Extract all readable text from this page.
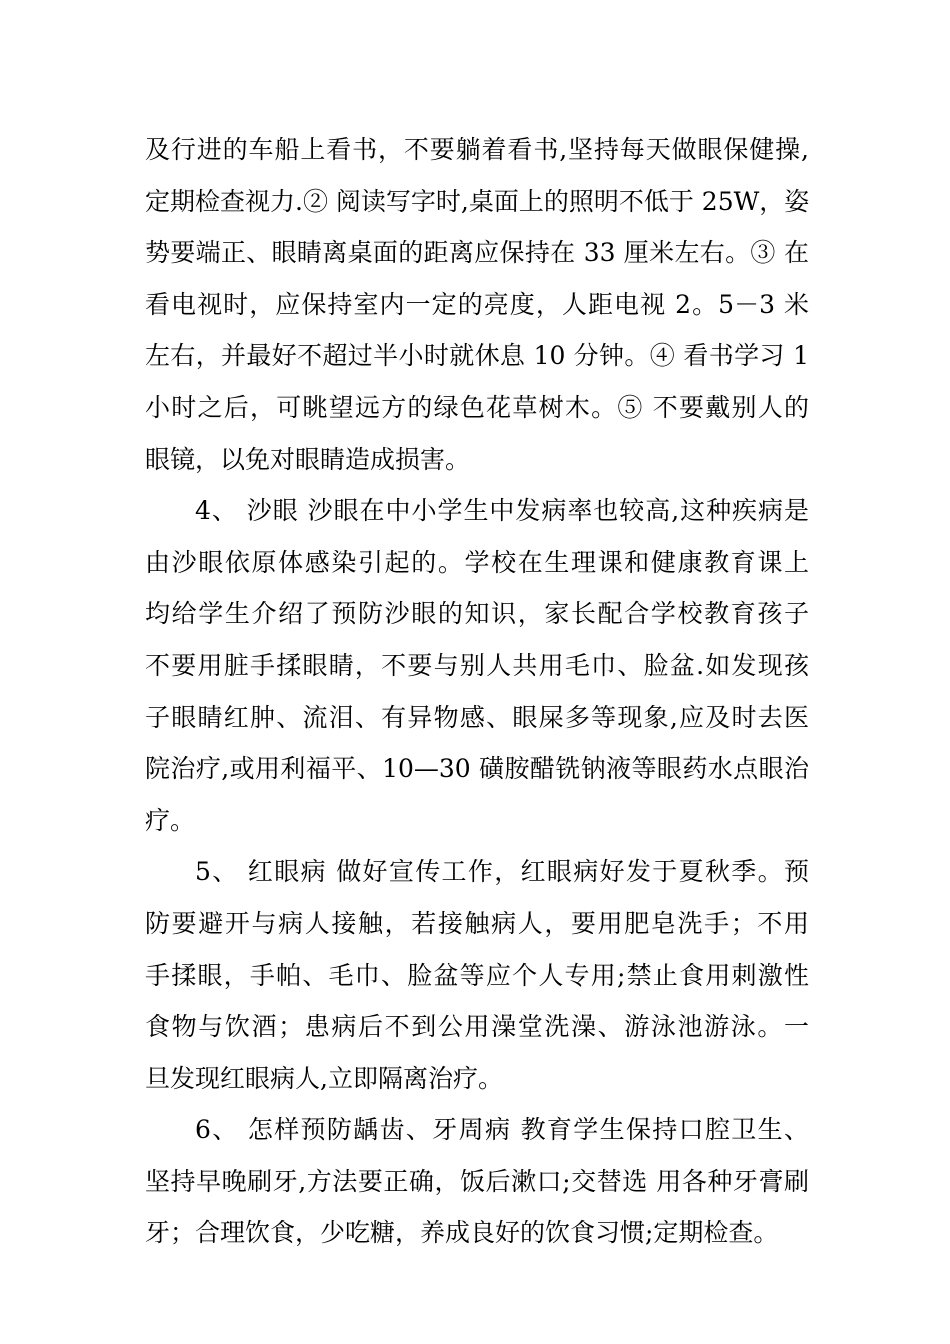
及行进的车船上看书，不要躺着看书,坚持每天做眼保健操,
定期检查视力.② 阅读写字时,桌面上的照明不低于 25W，姿
势要端正、眼睛离桌面的距离应保持在 33 厘米左右。③ 在
看电视时，应保持室内一定的亮度，人距电视 2。5－3 米
左右，并最好不超过半小时就休息 10 分钟。④ 看书学习 1
小时之后，可眺望远方的绿色花草树木。⑤ 不要戴别人的
眼镜，以免对眼睛造成损害。
4、 沙眼 沙眼在中小学生中发病率也较高,这种疾病是
由沙眼依原体感染引起的。学校在生理课和健康教育课上
均给学生介绍了预防沙眼的知识，家长配合学校教育孩子
不要用脏手揉眼睛，不要与别人共用毛巾、脸盆.如发现孩
子眼睛红肿、流泪、有异物感、眼屎多等现象,应及时去医
院治疗,或用利福平、10—30 磺胺醋铣钠液等眼药水点眼治
疗。
5、 红眼病 做好宣传工作，红眼病好发于夏秋季。预
防要避开与病人接触，若接触病人，要用肥皂洗手；不用
手揉眼，手帕、毛巾、脸盆等应个人专用;禁止食用刺激性
食物与饮酒；患病后不到公用澡堂洗澡、游泳池游泳。一
旦发现红眼病人,立即隔离治疗。
6、 怎样预防龋齿、牙周病 教育学生保持口腔卫生、
坚持早晚刷牙,方法要正确，饭后漱口;交替选 用各种牙膏刷
牙；合理饮食，少吃糖，养成良好的饮食习惯;定期检查。
